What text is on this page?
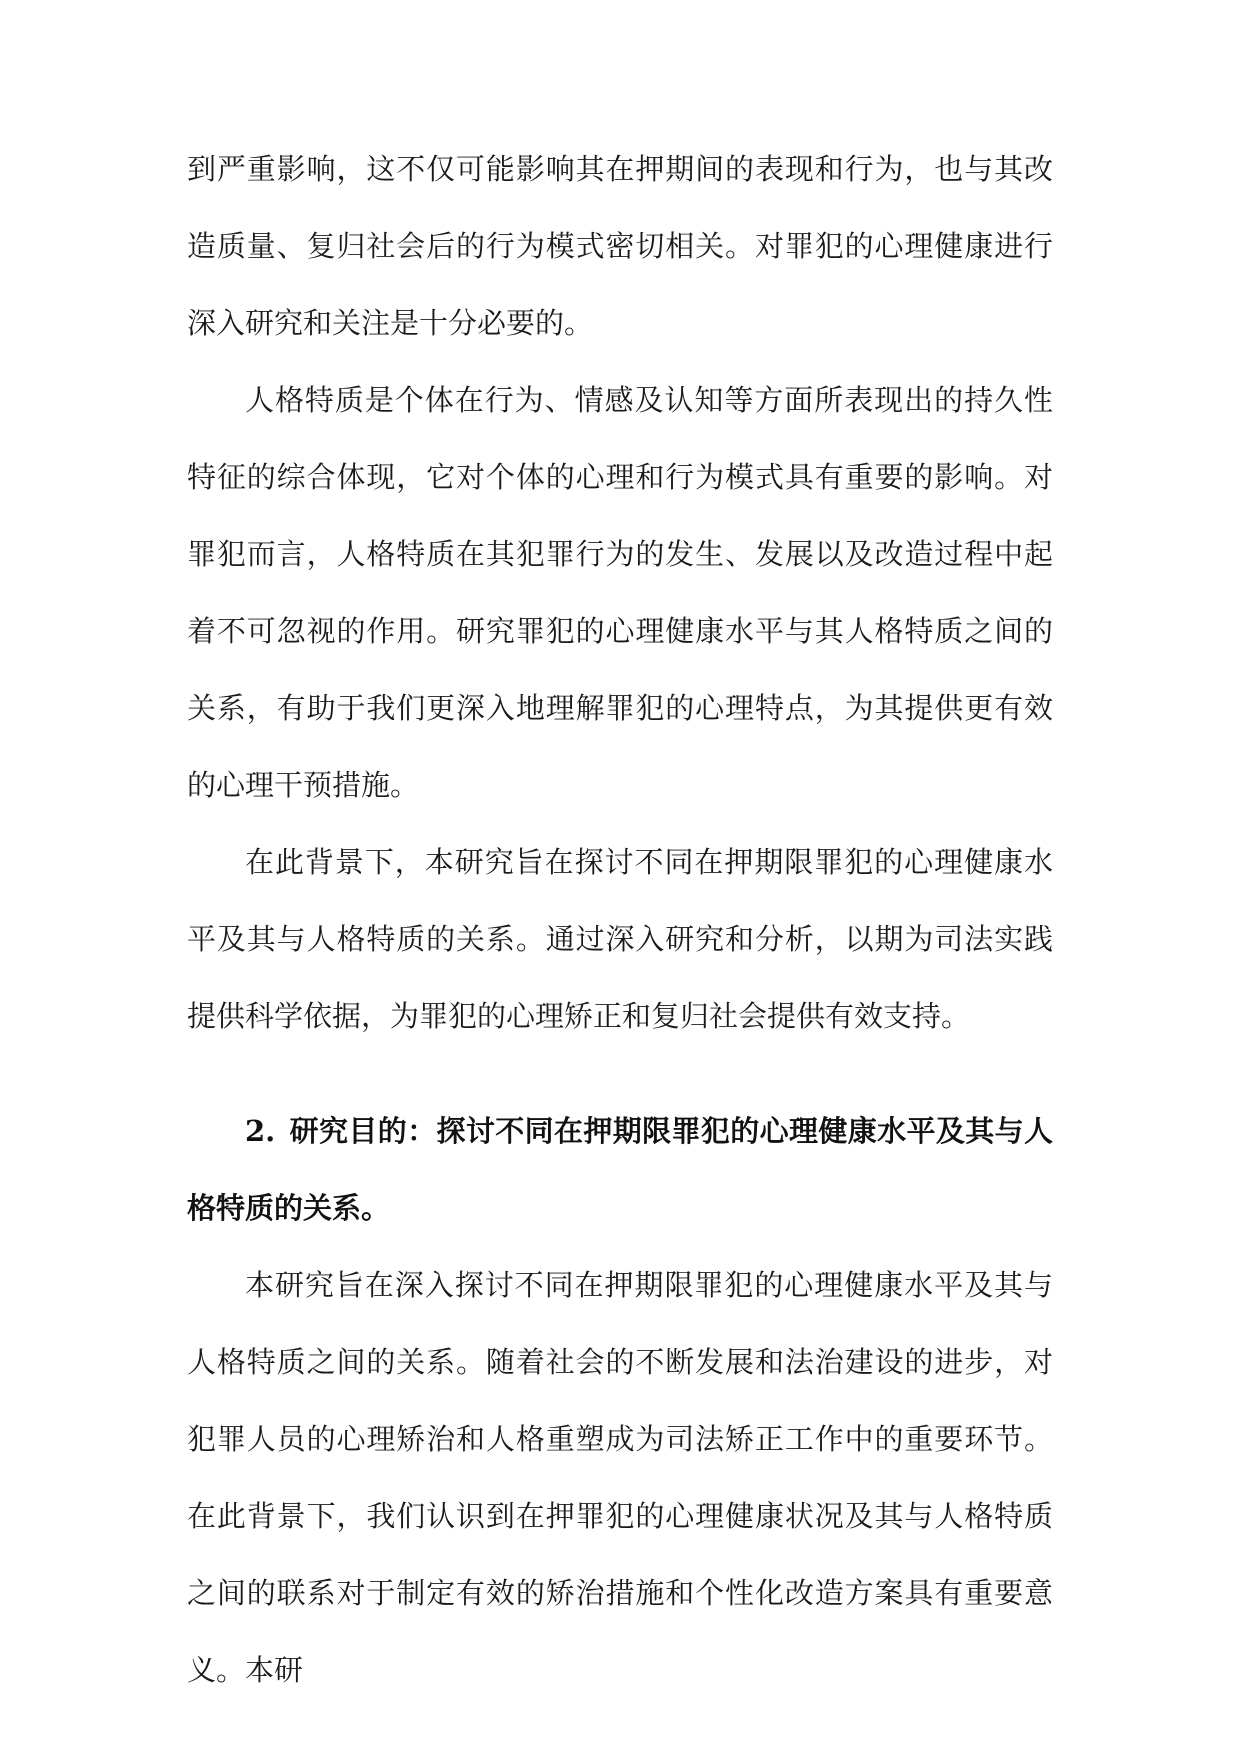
到严重影响，这不仅可能影响其在押期间的表现和行为，也与其改造质量、复归社会后的行为模式密切相关。对罪犯的心理健康进行深入研究和关注是十分必要的。

人格特质是个体在行为、情感及认知等方面所表现出的持久性特征的综合体现，它对个体的心理和行为模式具有重要的影响。对罪犯而言，人格特质在其犯罪行为的发生、发展以及改造过程中起着不可忽视的作用。研究罪犯的心理健康水平与其人格特质之间的关系，有助于我们更深入地理解罪犯的心理特点，为其提供更有效的心理干预措施。

在此背景下，本研究旨在探讨不同在押期限罪犯的心理健康水平及其与人格特质的关系。通过深入研究和分析，以期为司法实践提供科学依据，为罪犯的心理矫正和复归社会提供有效支持。

2. 研究目的：探讨不同在押期限罪犯的心理健康水平及其与人格特质的关系。

本研究旨在深入探讨不同在押期限罪犯的心理健康水平及其与人格特质之间的关系。随着社会的不断发展和法治建设的进步，对犯罪人员的心理矫治和人格重塑成为司法矫正工作中的重要环节。在此背景下，我们认识到在押罪犯的心理健康状况及其与人格特质之间的联系对于制定有效的矫治措施和个性化改造方案具有重要意义。本研
